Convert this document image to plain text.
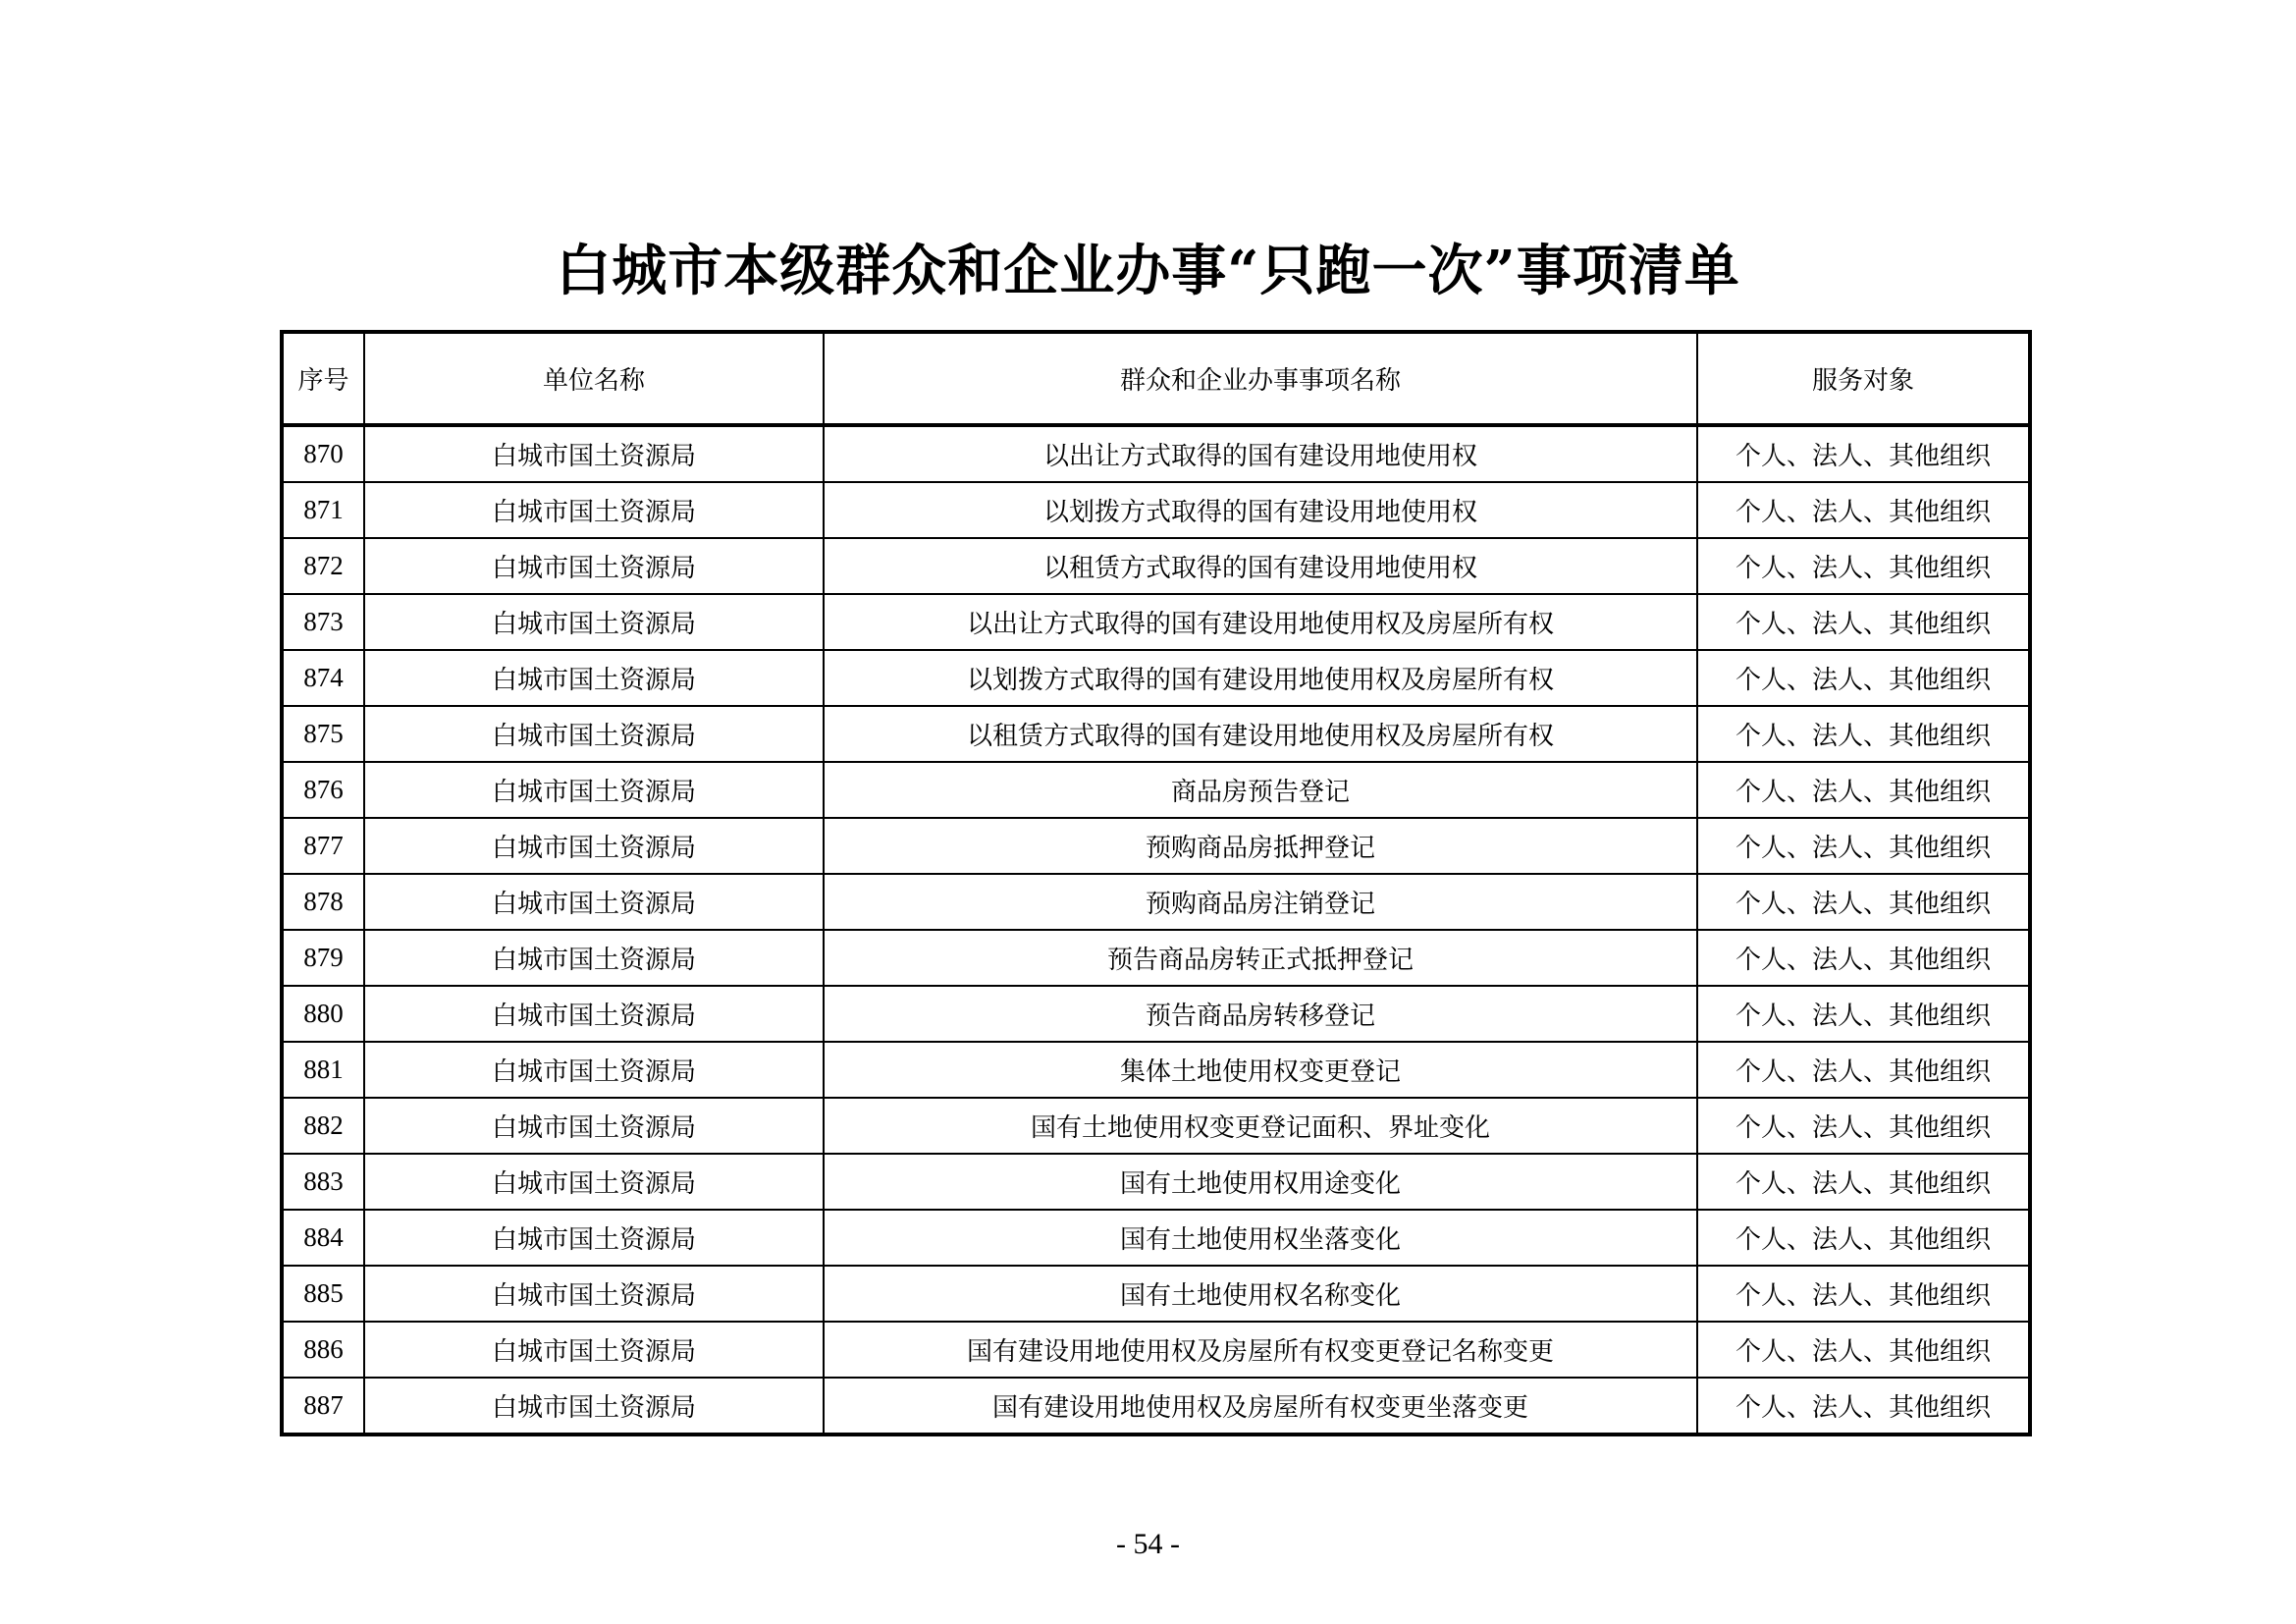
白城市本级群众和企业办事“只跑一次”事项清单
序号	单位名称	群众和企业办事事项名称	服务对象
870	白城市国土资源局	以出让方式取得的国有建设用地使用权	个人、法人、其他组织
871	白城市国土资源局	以划拨方式取得的国有建设用地使用权	个人、法人、其他组织
872	白城市国土资源局	以租赁方式取得的国有建设用地使用权	个人、法人、其他组织
873	白城市国土资源局	以出让方式取得的国有建设用地使用权及房屋所有权	个人、法人、其他组织
874	白城市国土资源局	以划拨方式取得的国有建设用地使用权及房屋所有权	个人、法人、其他组织
875	白城市国土资源局	以租赁方式取得的国有建设用地使用权及房屋所有权	个人、法人、其他组织
876	白城市国土资源局	商品房预告登记	个人、法人、其他组织
877	白城市国土资源局	预购商品房抵押登记	个人、法人、其他组织
878	白城市国土资源局	预购商品房注销登记	个人、法人、其他组织
879	白城市国土资源局	预告商品房转正式抵押登记	个人、法人、其他组织
880	白城市国土资源局	预告商品房转移登记	个人、法人、其他组织
881	白城市国土资源局	集体土地使用权变更登记	个人、法人、其他组织
882	白城市国土资源局	国有土地使用权变更登记面积、界址变化	个人、法人、其他组织
883	白城市国土资源局	国有土地使用权用途变化	个人、法人、其他组织
884	白城市国土资源局	国有土地使用权坐落变化	个人、法人、其他组织
885	白城市国土资源局	国有土地使用权名称变化	个人、法人、其他组织
886	白城市国土资源局	国有建设用地使用权及房屋所有权变更登记名称变更	个人、法人、其他组织
887	白城市国土资源局	国有建设用地使用权及房屋所有权变更坐落变更	个人、法人、其他组织
- 54 -
